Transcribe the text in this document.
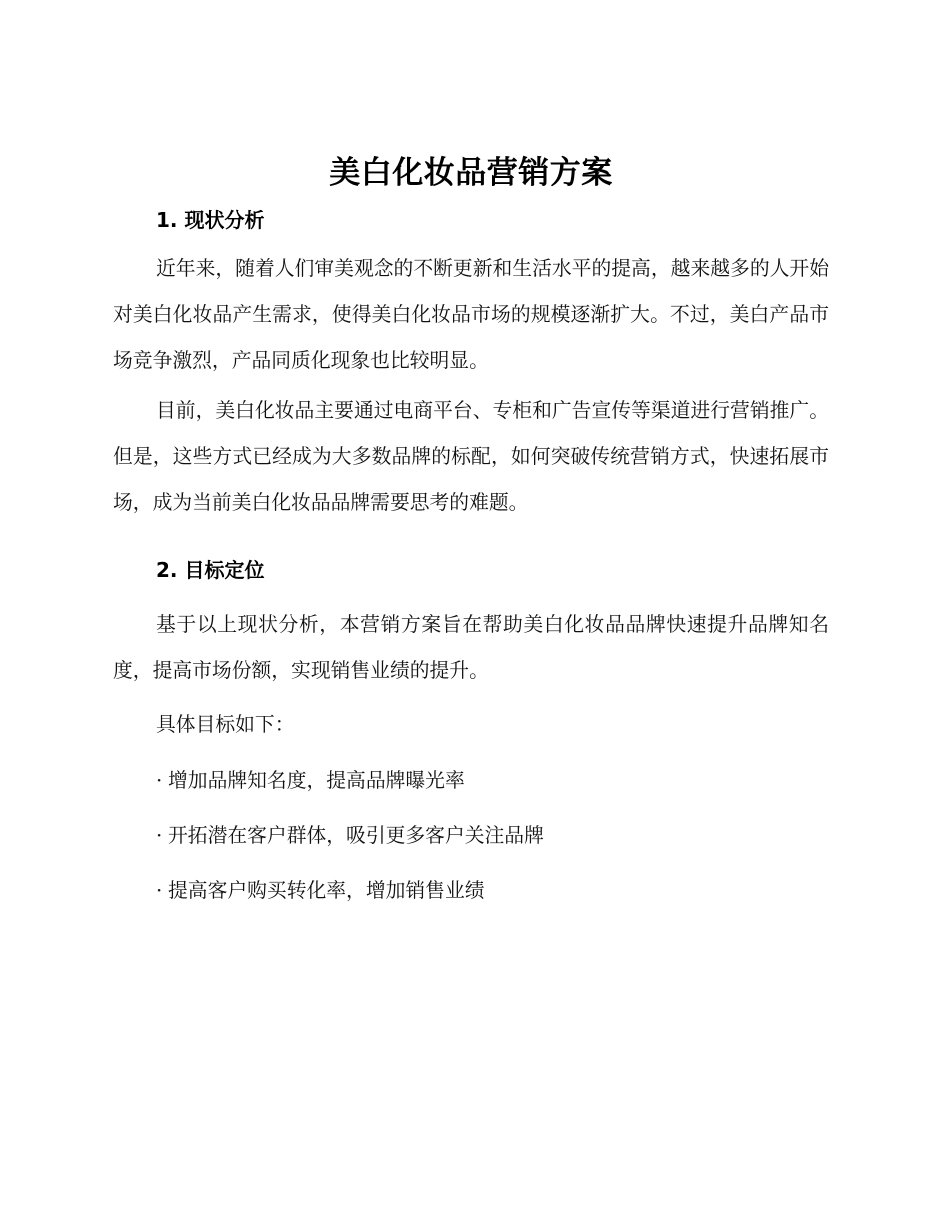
美白化妆品营销方案
1. 现状分析

近年来，随着人们审美观念的不断更新和生活水平的提高，越来越多的人开始对美白化妆品产生需求，使得美白化妆品市场的规模逐渐扩大。不过，美白产品市场竞争激烈，产品同质化现象也比较明显。

目前，美白化妆品主要通过电商平台、专柜和广告宣传等渠道进行营销推广。但是，这些方式已经成为大多数品牌的标配，如何突破传统营销方式，快速拓展市场，成为当前美白化妆品品牌需要思考的难题。

2. 目标定位

基于以上现状分析，本营销方案旨在帮助美白化妆品品牌快速提升品牌知名度，提高市场份额，实现销售业绩的提升。

具体目标如下：

· 增加品牌知名度，提高品牌曝光率
· 开拓潜在客户群体，吸引更多客户关注品牌
· 提高客户购买转化率，增加销售业绩
